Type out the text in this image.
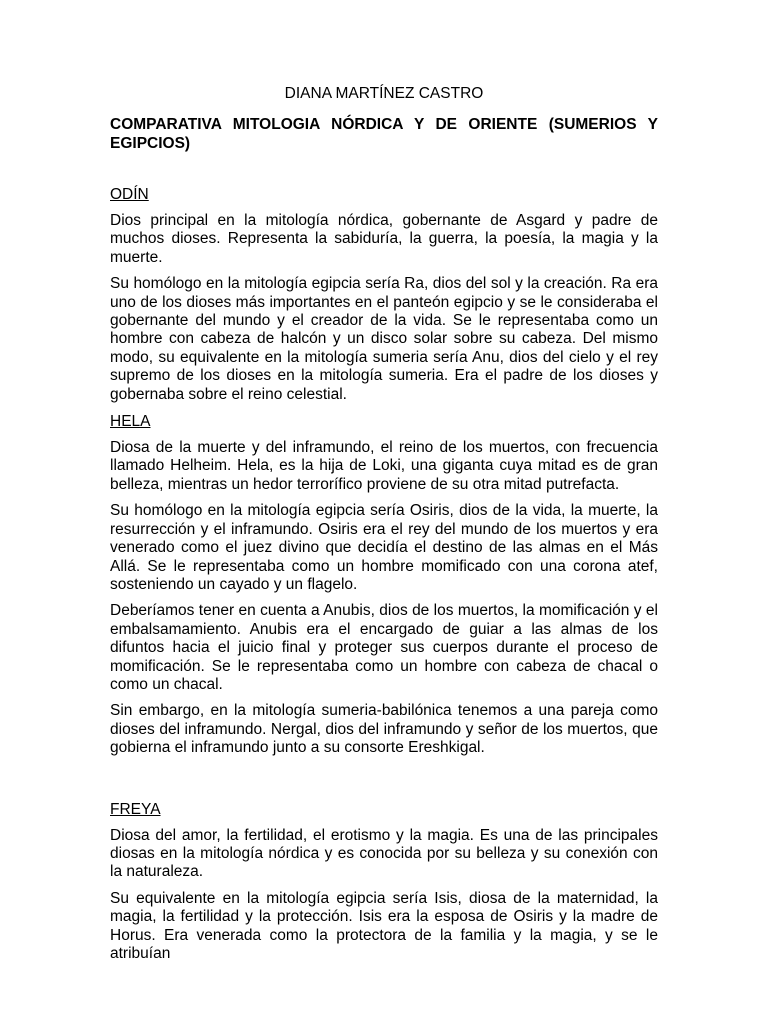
DIANA MARTÍNEZ CASTRO
COMPARATIVA MITOLOGIA NÓRDICA Y DE ORIENTE (SUMERIOS Y EGIPCIOS)
ODÍN

Dios principal en la mitología nórdica, gobernante de Asgard y padre de muchos dioses. Representa la sabiduría, la guerra, la poesía, la magia y la muerte.

Su homólogo en la mitología egipcia sería Ra, dios del sol y la creación. Ra era uno de los dioses más importantes en el panteón egipcio y se le consideraba el gobernante del mundo y el creador de la vida. Se le representaba como un hombre con cabeza de halcón y un disco solar sobre su cabeza. Del mismo modo, su equivalente en la mitología sumeria sería Anu, dios del cielo y el rey supremo de los dioses en la mitología sumeria. Era el padre de los dioses y gobernaba sobre el reino celestial.

HELA

Diosa de la muerte y del inframundo, el reino de los muertos, con frecuencia llamado Helheim. Hela, es la hija de Loki, una giganta cuya mitad es de gran belleza, mientras un hedor terrorífico proviene de su otra mitad putrefacta.

Su homólogo en la mitología egipcia sería Osiris, dios de la vida, la muerte, la resurrección y el inframundo. Osiris era el rey del mundo de los muertos y era venerado como el juez divino que decidía el destino de las almas en el Más Allá. Se le representaba como un hombre momificado con una corona atef, sosteniendo un cayado y un flagelo.

Deberíamos tener en cuenta a Anubis, dios de los muertos, la momificación y el embalsamamiento. Anubis era el encargado de guiar a las almas de los difuntos hacia el juicio final y proteger sus cuerpos durante el proceso de momificación. Se le representaba como un hombre con cabeza de chacal o como un chacal.

Sin embargo, en la mitología sumeria-babilónica tenemos a una pareja como dioses del inframundo. Nergal, dios del inframundo y señor de los muertos, que gobierna el inframundo junto a su consorte Ereshkigal.

FREYA

Diosa del amor, la fertilidad, el erotismo y la magia. Es una de las principales diosas en la mitología nórdica y es conocida por su belleza y su conexión con la naturaleza.

Su equivalente en la mitología egipcia sería Isis, diosa de la maternidad, la magia, la fertilidad y la protección. Isis era la esposa de Osiris y la madre de Horus. Era venerada como la protectora de la familia y la magia, y se le atribuían
